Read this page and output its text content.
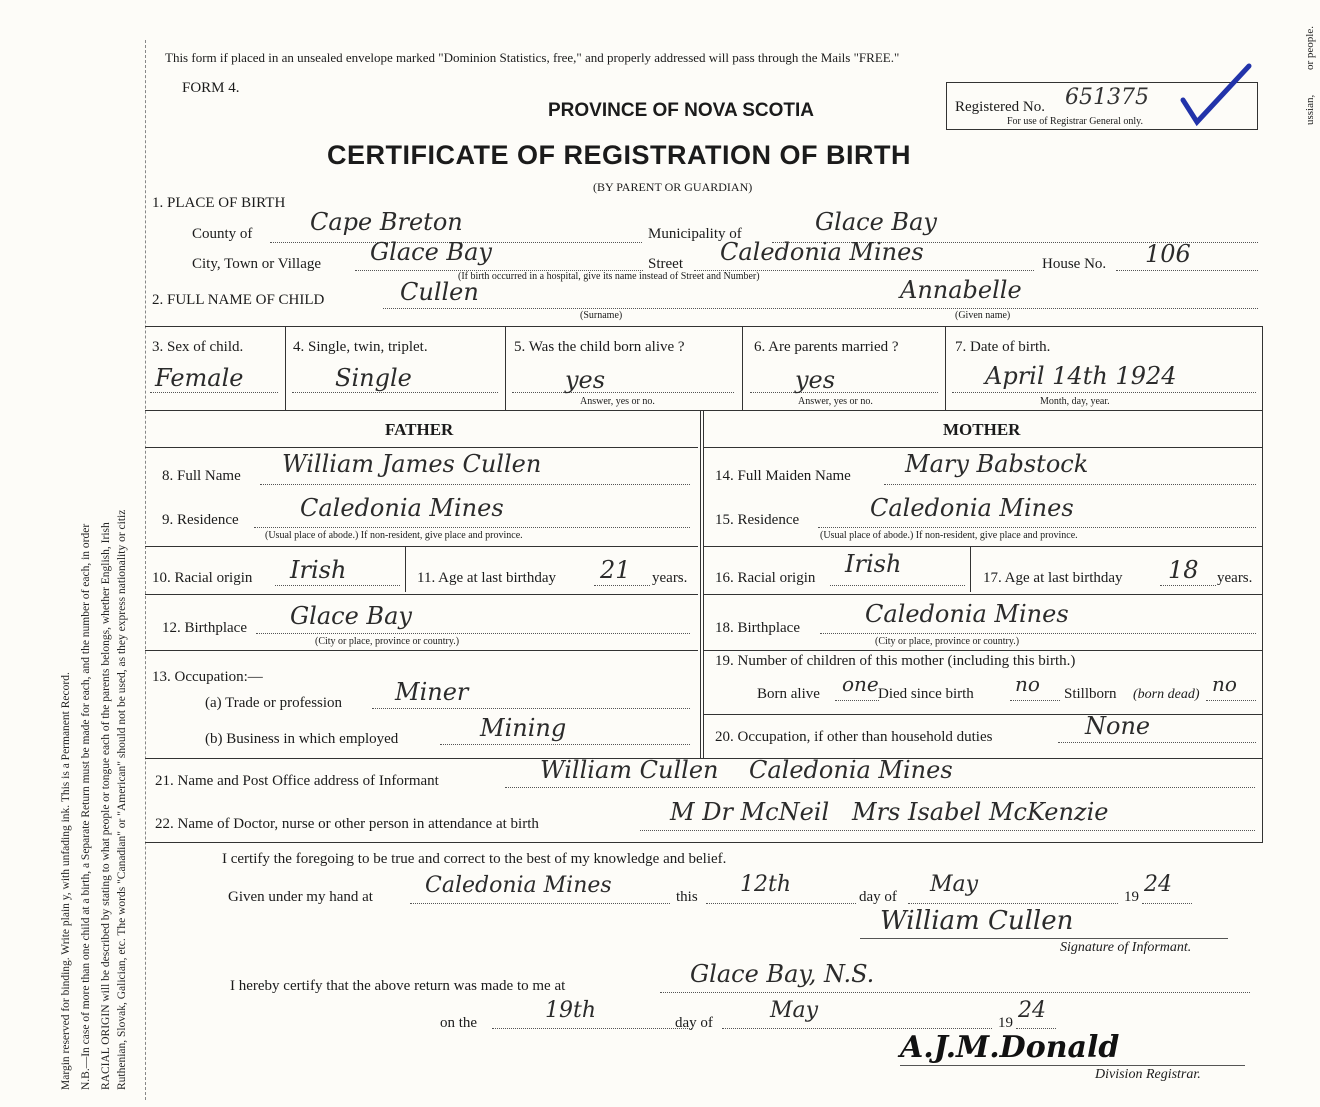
Margin reserved for binding. Write plain y, with unfading ink. This is a Permanent Record. N.B.—In case of more than one child at a birth, a Separate Return must be made for each, and the number of each, in order RACIAL ORIGIN will be described by stating to what people or tongue each of the parents belongs, whether English, Irish Ruthenian, Slovak, Galician, etc. The words "Canadian" or "American" should not be used, as they express nationality or citiz
ussian,
or people.
This form if placed in an unsealed envelope marked "Dominion Statistics, free," and properly addressed will pass through the Mails "FREE."
FORM 4.
PROVINCE OF NOVA SCOTIA	Registered No. 651375
For use of Registrar General only.
CERTIFICATE OF REGISTRATION OF BIRTH
(BY PARENT OR GUARDIAN)
1. PLACE OF BIRTH
County of Cape Breton	Municipality of	Glace Bay
City, Town or Village Glace Bay
(If birth occurred in a hospital, give its name instead of Street and Number)
Street Caledonia Mines	House No. 106
2. FULL NAME OF CHILD	Cullen
(Surname)
Annabelle
(Given name)
3. Sex of child.
Female
4. Single, twin, triplet.
Single
5. Was the child born alive ?
yes
Answer, yes or no.
6. Are parents married ?
yes
Answer, yes or no.
7. Date of birth.
April 14th 1924
Month, day, year.
FATHER
8. Full Name William James Cullen
9. Residence	Caledonia Mines
(Usual place of abode.) If non-resident, give place and province.
10. Racial origin Irish	11. Age at last birthday 21 years.
12. Birthplace Glace Bay
(City or place, province or country.)
13. Occupation:—
(a) Trade or profession Miner
(b) Business in which employed	Mining
MOTHER
14. Full Maiden Name Mary Babstock
15. Residence	Caledonia Mines
(Usual place of abode.) If non-resident, give place and province.
16. Racial origin Irish	17. Age at last birthday 18 years.
18. Birthplace	Caledonia Mines
(City or place, province or country.)
19. Number of children of this mother (including this birth.)
Born alive one Died since birth no Stillborn (born dead) no
20. Occupation, if other than household duties	None
21. Name and Post Office address of Informant	William Cullen    Caledonia Mines
22. Name of Doctor, nurse or other person in attendance at birth	M Dr McNeil   Mrs Isabel McKenzie
I certify the foregoing to be true and correct to the best of my knowledge and belief.
Given under my hand at Caledonia Mines	this 12th	day of May	19 24
William Cullen
Signature of Informant.
I hereby certify that the above return was made to me at	Glace Bay, N.S.
on the	19th	day of	May	19 24
A.J.M.Donald
Division Registrar.
